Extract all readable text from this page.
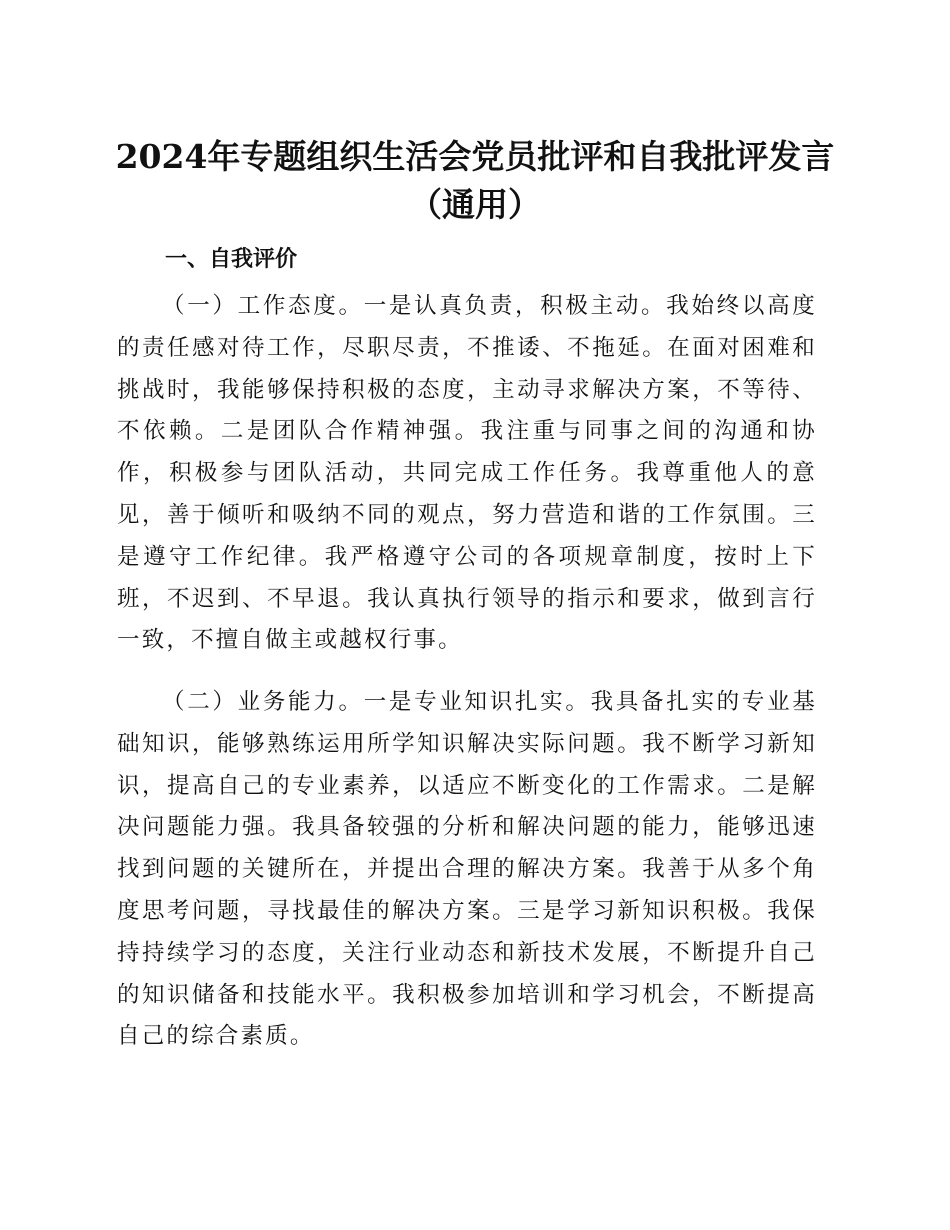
2024年专题组织生活会党员批评和自我批评发言（通用）
一、自我评价

（一）工作态度。一是认真负责，积极主动。我始终以高度的责任感对待工作，尽职尽责，不推诿、不拖延。在面对困难和挑战时，我能够保持积极的态度，主动寻求解决方案，不等待、不依赖。二是团队合作精神强。我注重与同事之间的沟通和协作，积极参与团队活动，共同完成工作任务。我尊重他人的意见，善于倾听和吸纳不同的观点，努力营造和谐的工作氛围。三是遵守工作纪律。我严格遵守公司的各项规章制度，按时上下班，不迟到、不早退。我认真执行领导的指示和要求，做到言行一致，不擅自做主或越权行事。

（二）业务能力。一是专业知识扎实。我具备扎实的专业基础知识，能够熟练运用所学知识解决实际问题。我不断学习新知识，提高自己的专业素养，以适应不断变化的工作需求。二是解决问题能力强。我具备较强的分析和解决问题的能力，能够迅速找到问题的关键所在，并提出合理的解决方案。我善于从多个角度思考问题，寻找最佳的解决方案。三是学习新知识积极。我保持持续学习的态度，关注行业动态和新技术发展，不断提升自己的知识储备和技能水平。我积极参加培训和学习机会，不断提高自己的综合素质。
